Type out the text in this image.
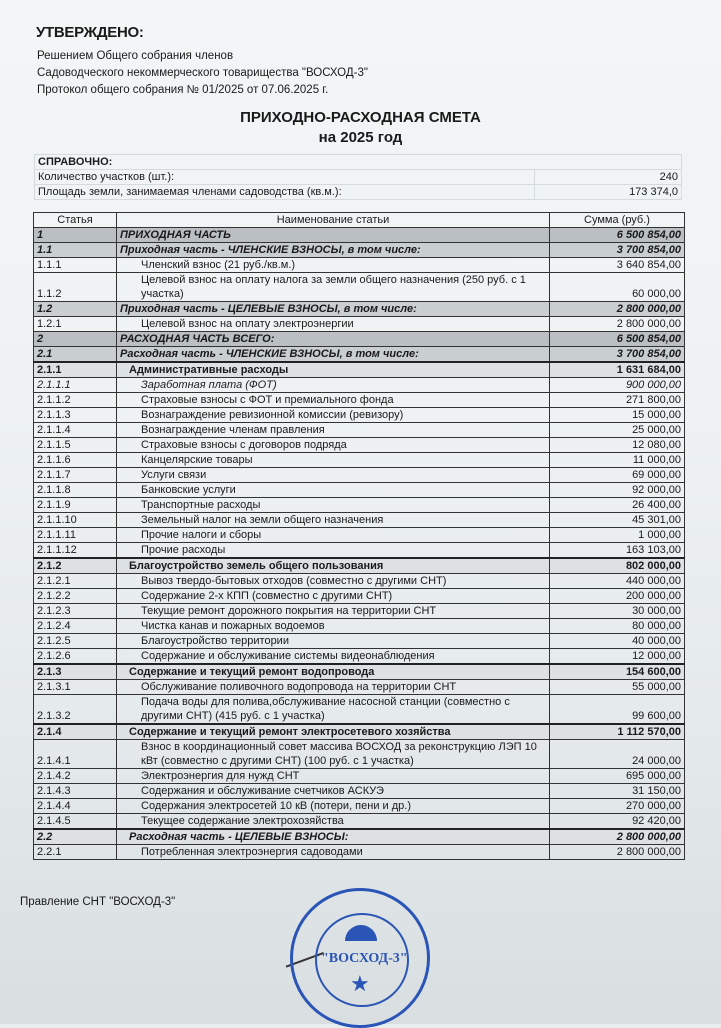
УТВЕРЖДЕНО:
Решением Общего собрания членов
Садоводческого некоммерческого товарищества "ВОСХОД-3"
Протокол общего собрания № 01/2025 от 07.06.2025 г.
ПРИХОДНО-РАСХОДНАЯ СМЕТА
на 2025 год
СПРАВОЧНО:	
Количество участков (шт.):	240
Площадь земли, занимаемая членами садоводства (кв.м.):	173 374,0
Статья	Наименование статьи	Сумма (руб.)
1	ПРИХОДНАЯ ЧАСТЬ	6 500 854,00
1.1	Приходная часть - ЧЛЕНСКИЕ ВЗНОСЫ, в том числе:	3 700 854,00
1.1.1	Членский взнос (21 руб./кв.м.)	3 640 854,00
1.1.2	Целевой взнос на оплату налога за земли общего назначения (250 руб. с 1 участка)	60 000,00
1.2	Приходная часть - ЦЕЛЕВЫЕ ВЗНОСЫ, в том числе:	2 800 000,00
1.2.1	Целевой взнос на оплату электроэнергии	2 800 000,00
2	РАСХОДНАЯ ЧАСТЬ ВСЕГО:	6 500 854,00
2.1	Расходная часть - ЧЛЕНСКИЕ ВЗНОСЫ, в том числе:	3 700 854,00
2.1.1	Административные расходы	1 631 684,00
2.1.1.1	Заработная плата (ФОТ)	900 000,00
2.1.1.2	Страховые взносы с ФОТ и премиального фонда	271 800,00
2.1.1.3	Вознаграждение ревизионной комиссии (ревизору)	15 000,00
2.1.1.4	Вознаграждение членам правления	25 000,00
2.1.1.5	Страховые взносы с договоров подряда	12 080,00
2.1.1.6	Канцелярские товары	11 000,00
2.1.1.7	Услуги связи	69 000,00
2.1.1.8	Банковские услуги	92 000,00
2.1.1.9	Транспортные расходы	26 400,00
2.1.1.10	Земельный налог на земли общего назначения	45 301,00
2.1.1.11	Прочие налоги и сборы	1 000,00
2.1.1.12	Прочие расходы	163 103,00
2.1.2	Благоустройство земель общего пользования	802 000,00
2.1.2.1	Вывоз твердо-бытовых отходов (совместно с другими СНТ)	440 000,00
2.1.2.2	Содержание 2-х КПП (совместно с другими СНТ)	200 000,00
2.1.2.3	Текущие ремонт дорожного покрытия на территории СНТ	30 000,00
2.1.2.4	Чистка канав и пожарных водоемов	80 000,00
2.1.2.5	Благоустройство территории	40 000,00
2.1.2.6	Содержание и обслуживание системы видеонаблюдения	12 000,00
2.1.3	Содержание и текущий ремонт водопровода	154 600,00
2.1.3.1	Обслуживание поливочного водопровода на территории СНТ	55 000,00
2.1.3.2	Подача воды для полива,обслуживание насосной станции (совместно с другими СНТ) (415 руб. с 1 участка)	99 600,00
2.1.4	Содержание и текущий ремонт электросетевого хозяйства	1 112 570,00
2.1.4.1	Взнос в координационный совет массива ВОСХОД за реконструкцию ЛЭП 10 кВт (совместно с другими СНТ) (100 руб. с 1 участка)	24 000,00
2.1.4.2	Электроэнергия для нужд СНТ	695 000,00
2.1.4.3	Содержания и обслуживание счетчиков АСКУЭ	31 150,00
2.1.4.4	Содержания электросетей 10 кВ (потери, пени и др.)	270 000,00
2.1.4.5	Текущее содержание электрохозяйства	92 420,00
2.2	Расходная часть - ЦЕЛЕВЫЕ ВЗНОСЫ:	2 800 000,00
2.2.1	Потребленная электроэнергия садоводами	2 800 000,00
Правление СНТ "ВОСХОД-3"
"ВОСХОД-3"
★
